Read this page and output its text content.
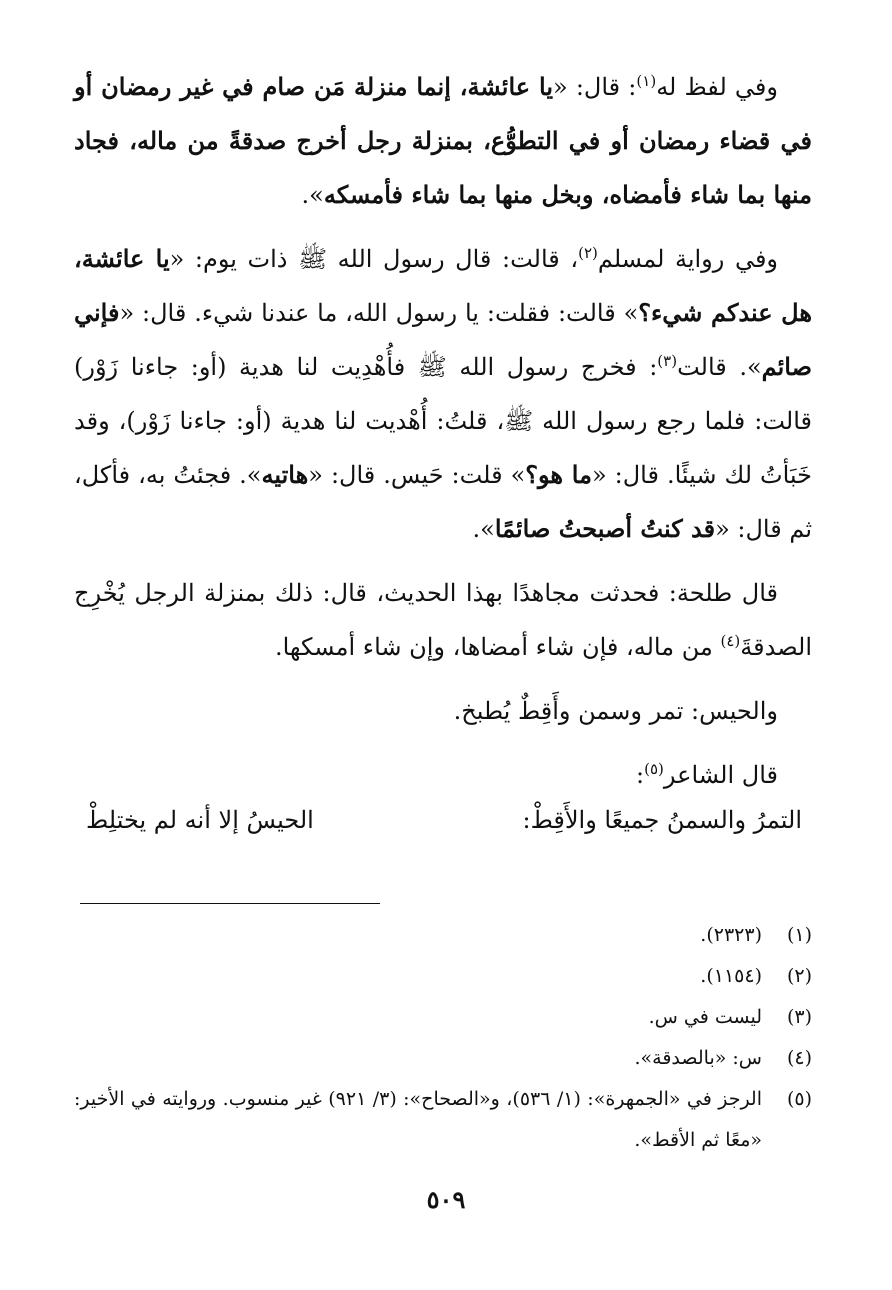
وفي لفظ له$^{(١)}$: قال: «يا عائشة، إنما منزلة مَن صام في غير رمضان أو في قضاء رمضان أو في التطوُّع، بمنزلة رجل أخرج صدقةً من ماله، فجاد منها بما شاء فأمضاه، وبخل منها بما شاء فأمسكه».

وفي رواية لمسلم$^{(٢)}$، قالت: قال رسول الله ﷺ ذات يوم: «يا عائشة، هل عندكم شيء؟» قالت: فقلت: يا رسول الله، ما عندنا شيء. قال: «فإني صائم». قالت$^{(٣)}$: فخرج رسول الله ﷺ فأُهْدِيت لنا هدية (أو: جاءنا زَوْر) قالت: فلما رجع رسول الله ﷺ، قلتُ: أُهْديت لنا هدية (أو: جاءنا زَوْر)، وقد خَبَأتُ لك شيئًا. قال: «ما هو؟» قلت: حَيس. قال: «هاتيه». فجئتُ به، فأكل، ثم قال: «قد كنتُ أصبحتُ صائمًا».

قال طلحة: فحدثت مجاهدًا بهذا الحديث، قال: ذلك بمنزلة الرجل يُخْرِج الصدقةَ$^{(٤)}$ من ماله، فإن شاء أمضاها، وإن شاء أمسكها.

والحيس: تمر وسمن وأَقِطٌ يُطبخ.

قال الشاعر$^{(٥)}$:

التمرُ والسمنُ جميعًا والأَقِطْ:
الحيسُ إلا أنه لم يختلِطْ
(١)
(٢٣٢٣).
(٢)
(١١٥٤).
(٣)
ليست في س.
(٤)
س: «بالصدقة».
(٥)
الرجز في «الجمهرة»: (١/ ٥٣٦)، و«الصحاح»: (٣/ ٩٢١) غير منسوب. وروايته في الأخير: «معًا ثم الأقط».
٥٠٩
